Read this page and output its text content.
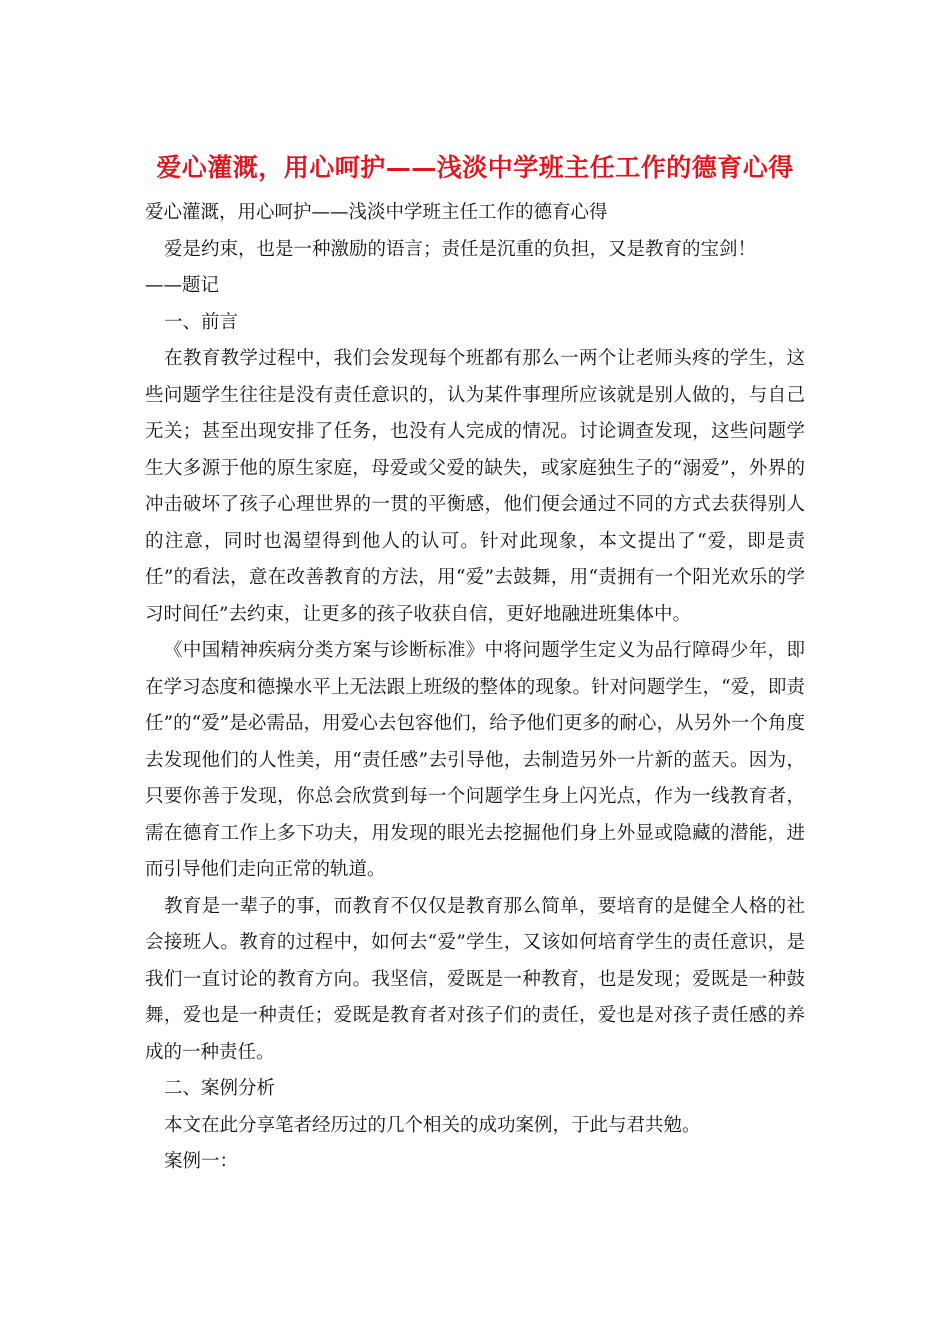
爱心灌溉，用心呵护——浅淡中学班主任工作的德育心得

爱心灌溉，用心呵护——浅淡中学班主任工作的德育心得

爱是约束，也是一种激励的语言；责任是沉重的负担，又是教育的宝剑！

——题记

一、前言

在教育教学过程中，我们会发现每个班都有那么一两个让老师头疼的学生，这些问题学生往往是没有责任意识的，认为某件事理所应该就是别人做的，与自己无关；甚至出现安排了任务，也没有人完成的情况。讨论调查发现，这些问题学生大多源于他的原生家庭，母爱或父爱的缺失，或家庭独生子的“溺爱”，外界的冲击破坏了孩子心理世界的一贯的平衡感，他们便会通过不同的方式去获得别人的注意，同时也渴望得到他人的认可。针对此现象，本文提出了“爱，即是责任”的看法，意在改善教育的方法，用“爱”去鼓舞，用“责拥有一个阳光欢乐的学习时间任”去约束，让更多的孩子收获自信，更好地融进班集体中。

《中国精神疾病分类方案与诊断标准》中将问题学生定义为品行障碍少年，即在学习态度和德操水平上无法跟上班级的整体的现象。针对问题学生，“爱，即责任”的“爱”是必需品，用爱心去包容他们，给予他们更多的耐心，从另外一个角度去发现他们的人性美，用“责任感”去引导他，去制造另外一片新的蓝天。因为，只要你善于发现，你总会欣赏到每一个问题学生身上闪光点，作为一线教育者，需在德育工作上多下功夫，用发现的眼光去挖掘他们身上外显或隐藏的潜能，进而引导他们走向正常的轨道。

教育是一辈子的事，而教育不仅仅是教育那么简单，要培育的是健全人格的社会接班人。教育的过程中，如何去“爱”学生，又该如何培育学生的责任意识，是我们一直讨论的教育方向。我坚信，爱既是一种教育，也是发现；爱既是一种鼓舞，爱也是一种责任；爱既是教育者对孩子们的责任，爱也是对孩子责任感的养成的一种责任。

二、案例分析

本文在此分享笔者经历过的几个相关的成功案例，于此与君共勉。

案例一：
